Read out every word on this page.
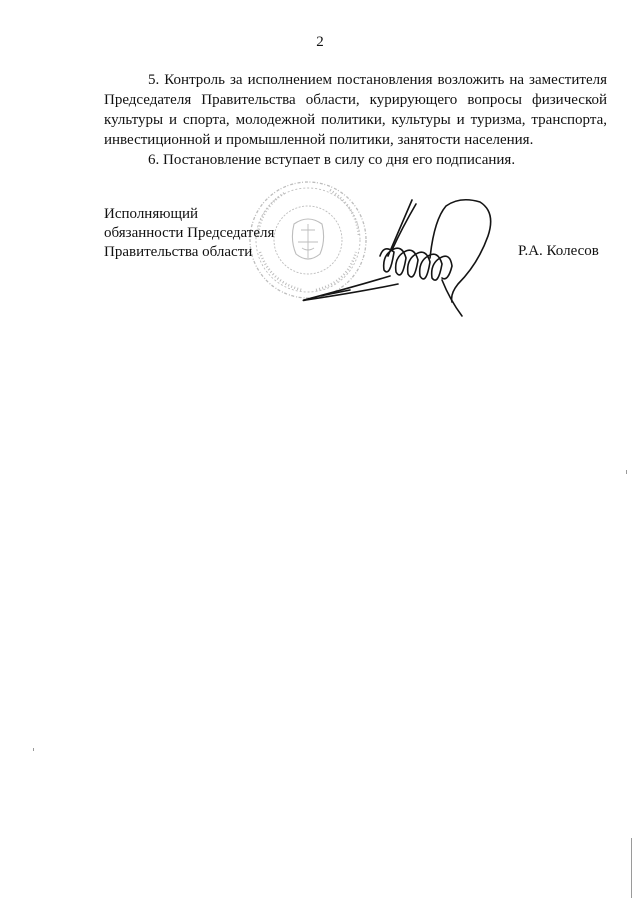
2

5. Контроль за исполнением постановления возложить на заместителя Председателя Правительства области, курирующего вопросы физической культуры и спорта, молодежной политики, культуры и туризма, транспорта, инвестиционной и промышленной политики, занятости населения.

6. Постановление вступает в силу со дня его подписания.

Исполняющий
обязанности Председателя
Правительства области	Р.А. Колесов
